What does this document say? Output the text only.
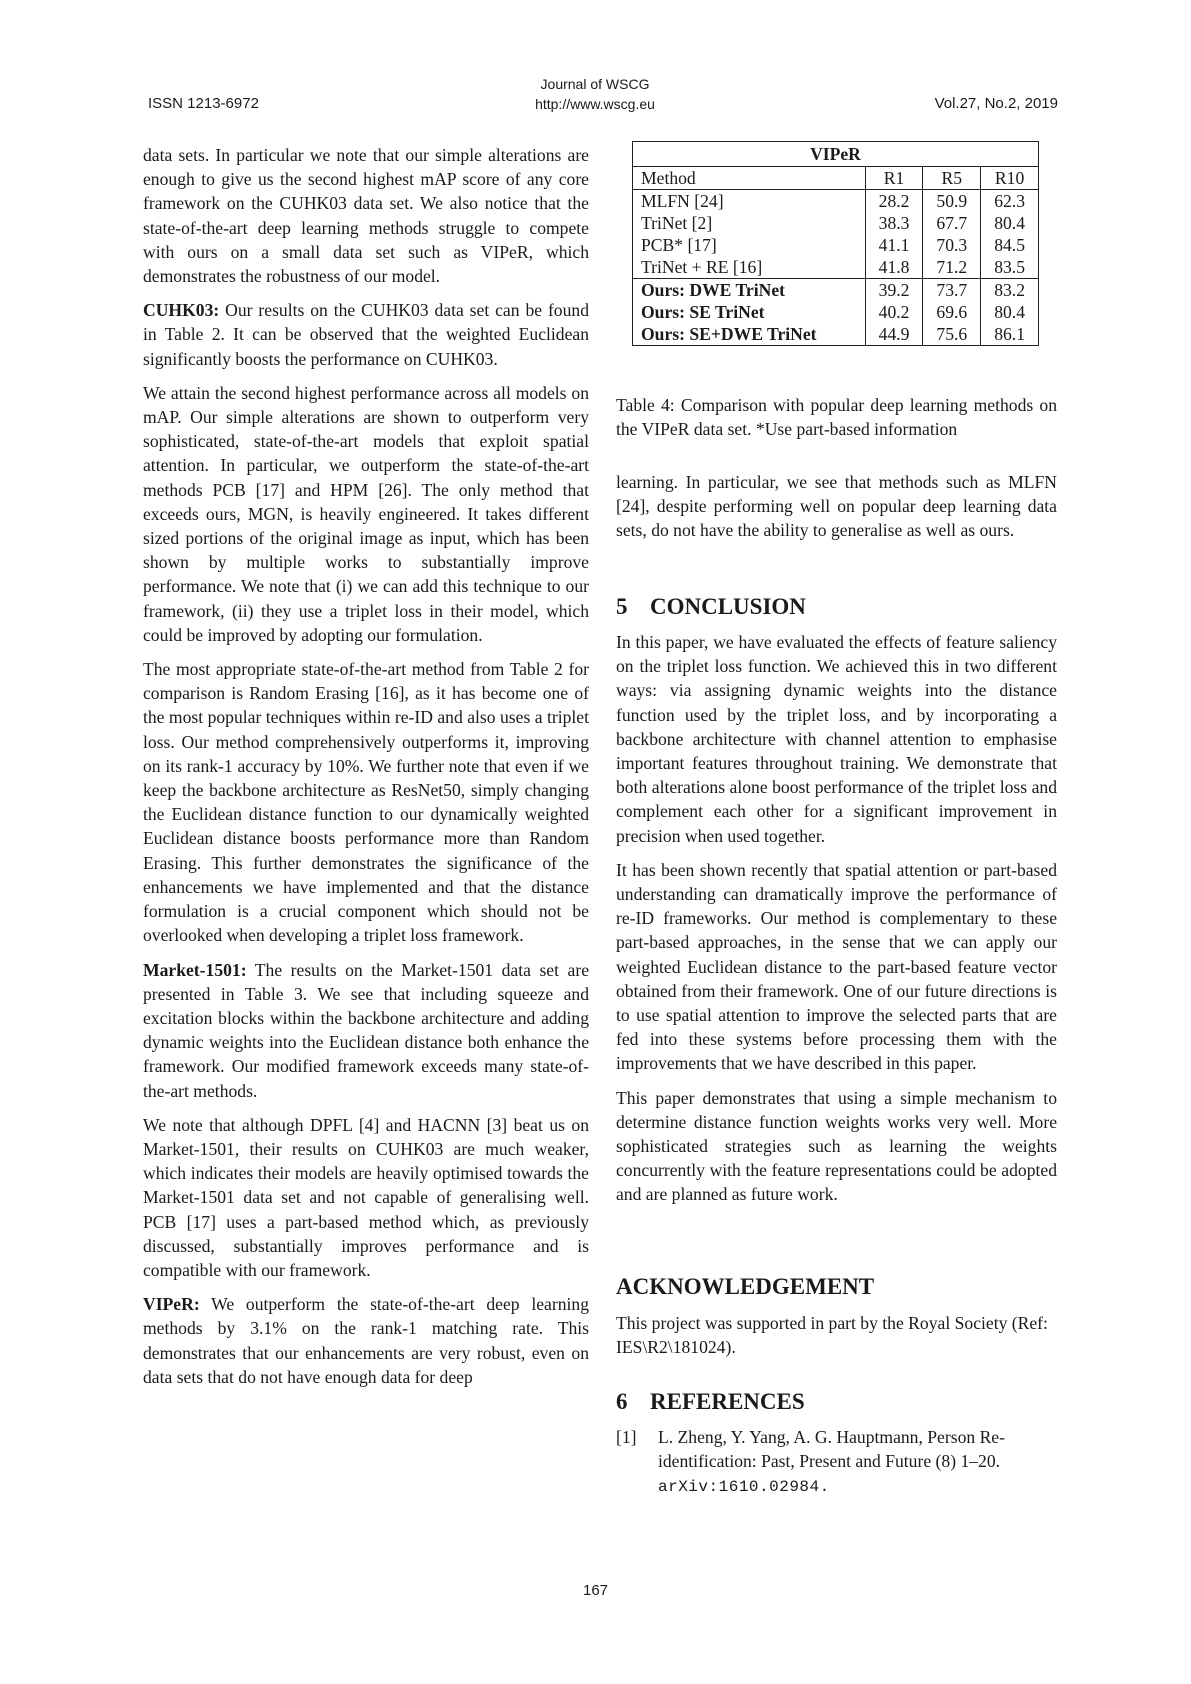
ISSN 1213-6972
Journal of WSCG
http://www.wscg.eu	Vol.27, No.2, 2019

data sets. In particular we note that our simple alterations are enough to give us the second highest mAP score of any core framework on the CUHK03 data set. We also notice that the state-of-the-art deep learning methods struggle to compete with ours on a small data set such as VIPeR, which demonstrates the robustness of our model.

CUHK03: Our results on the CUHK03 data set can be found in Table 2. It can be observed that the weighted Euclidean significantly boosts the performance on CUHK03.

We attain the second highest performance across all models on mAP. Our simple alterations are shown to outperform very sophisticated, state-of-the-art models that exploit spatial attention. In particular, we outperform the state-of-the-art methods PCB [17] and HPM [26]. The only method that exceeds ours, MGN, is heavily engineered. It takes different sized portions of the original image as input, which has been shown by multiple works to substantially improve performance. We note that (i) we can add this technique to our framework, (ii) they use a triplet loss in their model, which could be improved by adopting our formulation.

The most appropriate state-of-the-art method from Table 2 for comparison is Random Erasing [16], as it has become one of the most popular techniques within re-ID and also uses a triplet loss. Our method comprehensively outperforms it, improving on its rank-1 accuracy by 10%. We further note that even if we keep the backbone architecture as ResNet50, simply changing the Euclidean distance function to our dynamically weighted Euclidean distance boosts performance more than Random Erasing. This further demonstrates the significance of the enhancements we have implemented and that the distance formulation is a crucial component which should not be overlooked when developing a triplet loss framework.

Market-1501: The results on the Market-1501 data set are presented in Table 3. We see that including squeeze and excitation blocks within the backbone architecture and adding dynamic weights into the Euclidean distance both enhance the framework. Our modified framework exceeds many state-of-the-art methods.

We note that although DPFL [4] and HACNN [3] beat us on Market-1501, their results on CUHK03 are much weaker, which indicates their models are heavily optimised towards the Market-1501 data set and not capable of generalising well. PCB [17] uses a part-based method which, as previously discussed, substantially improves performance and is compatible with our framework.

VIPeR: We outperform the state-of-the-art deep learning methods by 3.1% on the rank-1 matching rate. This demonstrates that our enhancements are very robust, even on data sets that do not have enough data for deep

VIPeR			
Method	R1	R5	R10
MLFN [24]	28.2	50.9	62.3
TriNet [2]	38.3	67.7	80.4
PCB* [17]	41.1	70.3	84.5
TriNet + RE [16]	41.8	71.2	83.5
Ours: DWE TriNet	39.2	73.7	83.2
Ours: SE TriNet	40.2	69.6	80.4
Ours: SE+DWE TriNet	44.9	75.6	86.1
Table 4: Comparison with popular deep learning methods on the VIPeR data set. *Use part-based information

learning. In particular, we see that methods such as MLFN [24], despite performing well on popular deep learning data sets, do not have the ability to generalise as well as ours.

5 CONCLUSION

In this paper, we have evaluated the effects of feature saliency on the triplet loss function. We achieved this in two different ways: via assigning dynamic weights into the distance function used by the triplet loss, and by incorporating a backbone architecture with channel attention to emphasise important features throughout training. We demonstrate that both alterations alone boost performance of the triplet loss and complement each other for a significant improvement in precision when used together.

It has been shown recently that spatial attention or part-based understanding can dramatically improve the performance of re-ID frameworks. Our method is complementary to these part-based approaches, in the sense that we can apply our weighted Euclidean distance to the part-based feature vector obtained from their framework. One of our future directions is to use spatial attention to improve the selected parts that are fed into these systems before processing them with the improvements that we have described in this paper.

This paper demonstrates that using a simple mechanism to determine distance function weights works very well. More sophisticated strategies such as learning the weights concurrently with the feature representations could be adopted and are planned as future work.

ACKNOWLEDGEMENT

This project was supported in part by the Royal Society (Ref: IES\R2\181024).

6 REFERENCES
[1]	L. Zheng, Y. Yang, A. G. Hauptmann, Person Re-identification: Past, Present and Future (8) 1–20. arXiv:1610.02984.
167
